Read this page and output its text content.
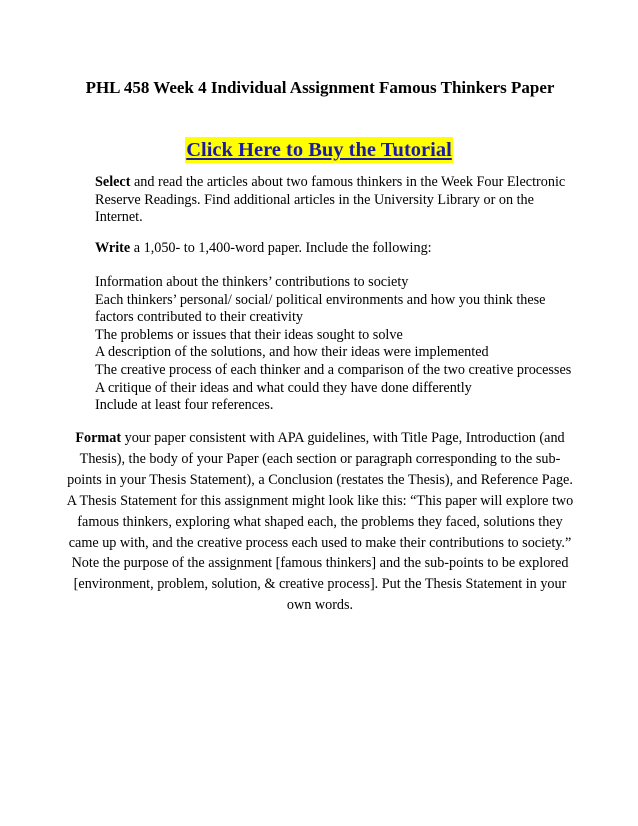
PHL 458 Week 4 Individual Assignment Famous Thinkers Paper
Click Here to Buy the Tutorial
Select and read the articles about two famous thinkers in the Week Four Electronic Reserve Readings. Find additional articles in the University Library or on the Internet.
Write a 1,050- to 1,400-word paper. Include the following:
Information about the thinkers’ contributions to society
Each thinkers’ personal/ social/ political environments and how you think these factors contributed to their creativity
The problems or issues that their ideas sought to solve
A description of the solutions, and how their ideas were implemented
The creative process of each thinker and a comparison of the two creative processes
A critique of their ideas and what could they have done differently
Include at least four references.
Format your paper consistent with APA guidelines, with Title Page, Introduction (and Thesis), the body of your Paper (each section or paragraph corresponding to the sub-points in your Thesis Statement), a Conclusion (restates the Thesis), and Reference Page. A Thesis Statement for this assignment might look like this: “This paper will explore two famous thinkers, exploring what shaped each, the problems they faced, solutions they came up with, and the creative process each used to make their contributions to society.” Note the purpose of the assignment [famous thinkers] and the sub-points to be explored [environment, problem, solution, & creative process]. Put the Thesis Statement in your own words.
